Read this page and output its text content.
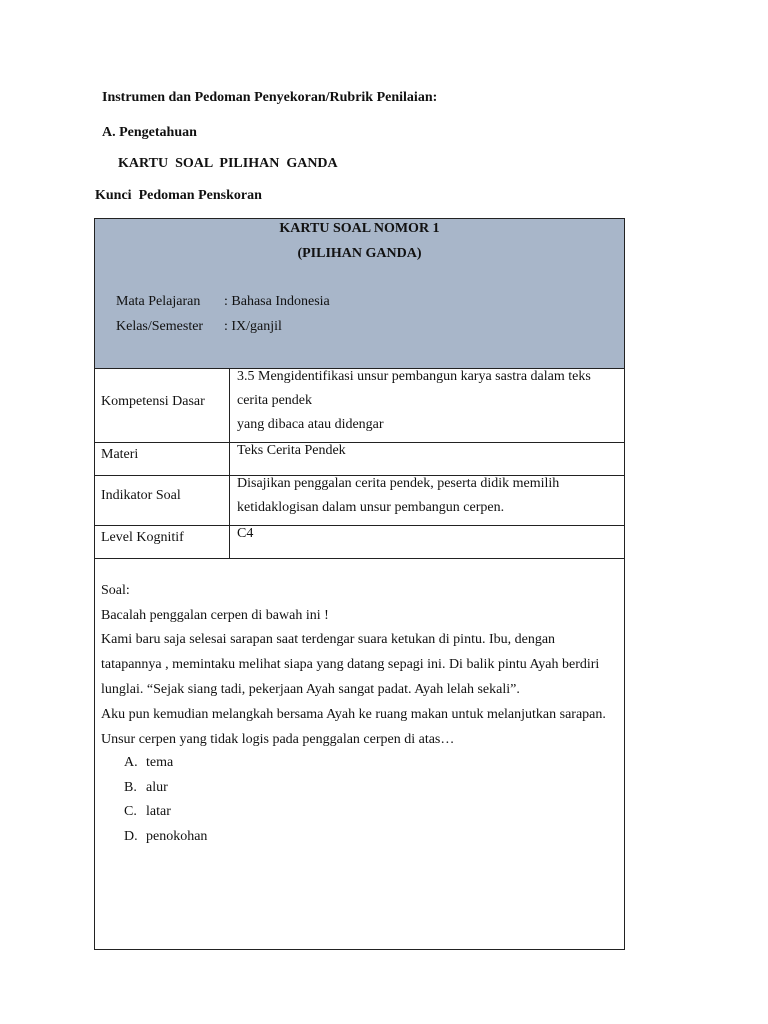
Instrumen dan Pedoman Penyekoran/Rubrik Penilaian:
A. Pengetahuan
KARTU  SOAL  PILIHAN  GANDA
Kunci  Pedoman Penskoran
KARTU SOAL NOMOR 1
(PILIHAN GANDA)
Mata Pelajaran : Bahasa Indonesia
Kelas/Semester : IX/ganjil
Kompetensi Dasar
3.5 Mengidentifikasi unsur pembangun karya sastra dalam teks
cerita pendek
yang dibaca atau didengar
Materi	Teks Cerita Pendek
Indikator Soal
Disajikan penggalan cerita pendek, peserta didik memilih
ketidaklogisan dalam unsur pembangun cerpen.
Level Kognitif	C4
Soal:
Bacalah penggalan cerpen di bawah ini !
Kami baru saja selesai sarapan saat terdengar suara ketukan di pintu. Ibu, dengan
tatapannya , memintaku melihat siapa yang datang sepagi ini. Di balik pintu Ayah berdiri
lunglai. “Sejak siang tadi, pekerjaan Ayah sangat padat. Ayah lelah sekali”.
Aku pun kemudian melangkah bersama Ayah ke ruang makan untuk melanjutkan sarapan.
Unsur cerpen yang tidak logis pada penggalan cerpen di atas…
A. tema
B. alur
C. latar
D. penokohan
